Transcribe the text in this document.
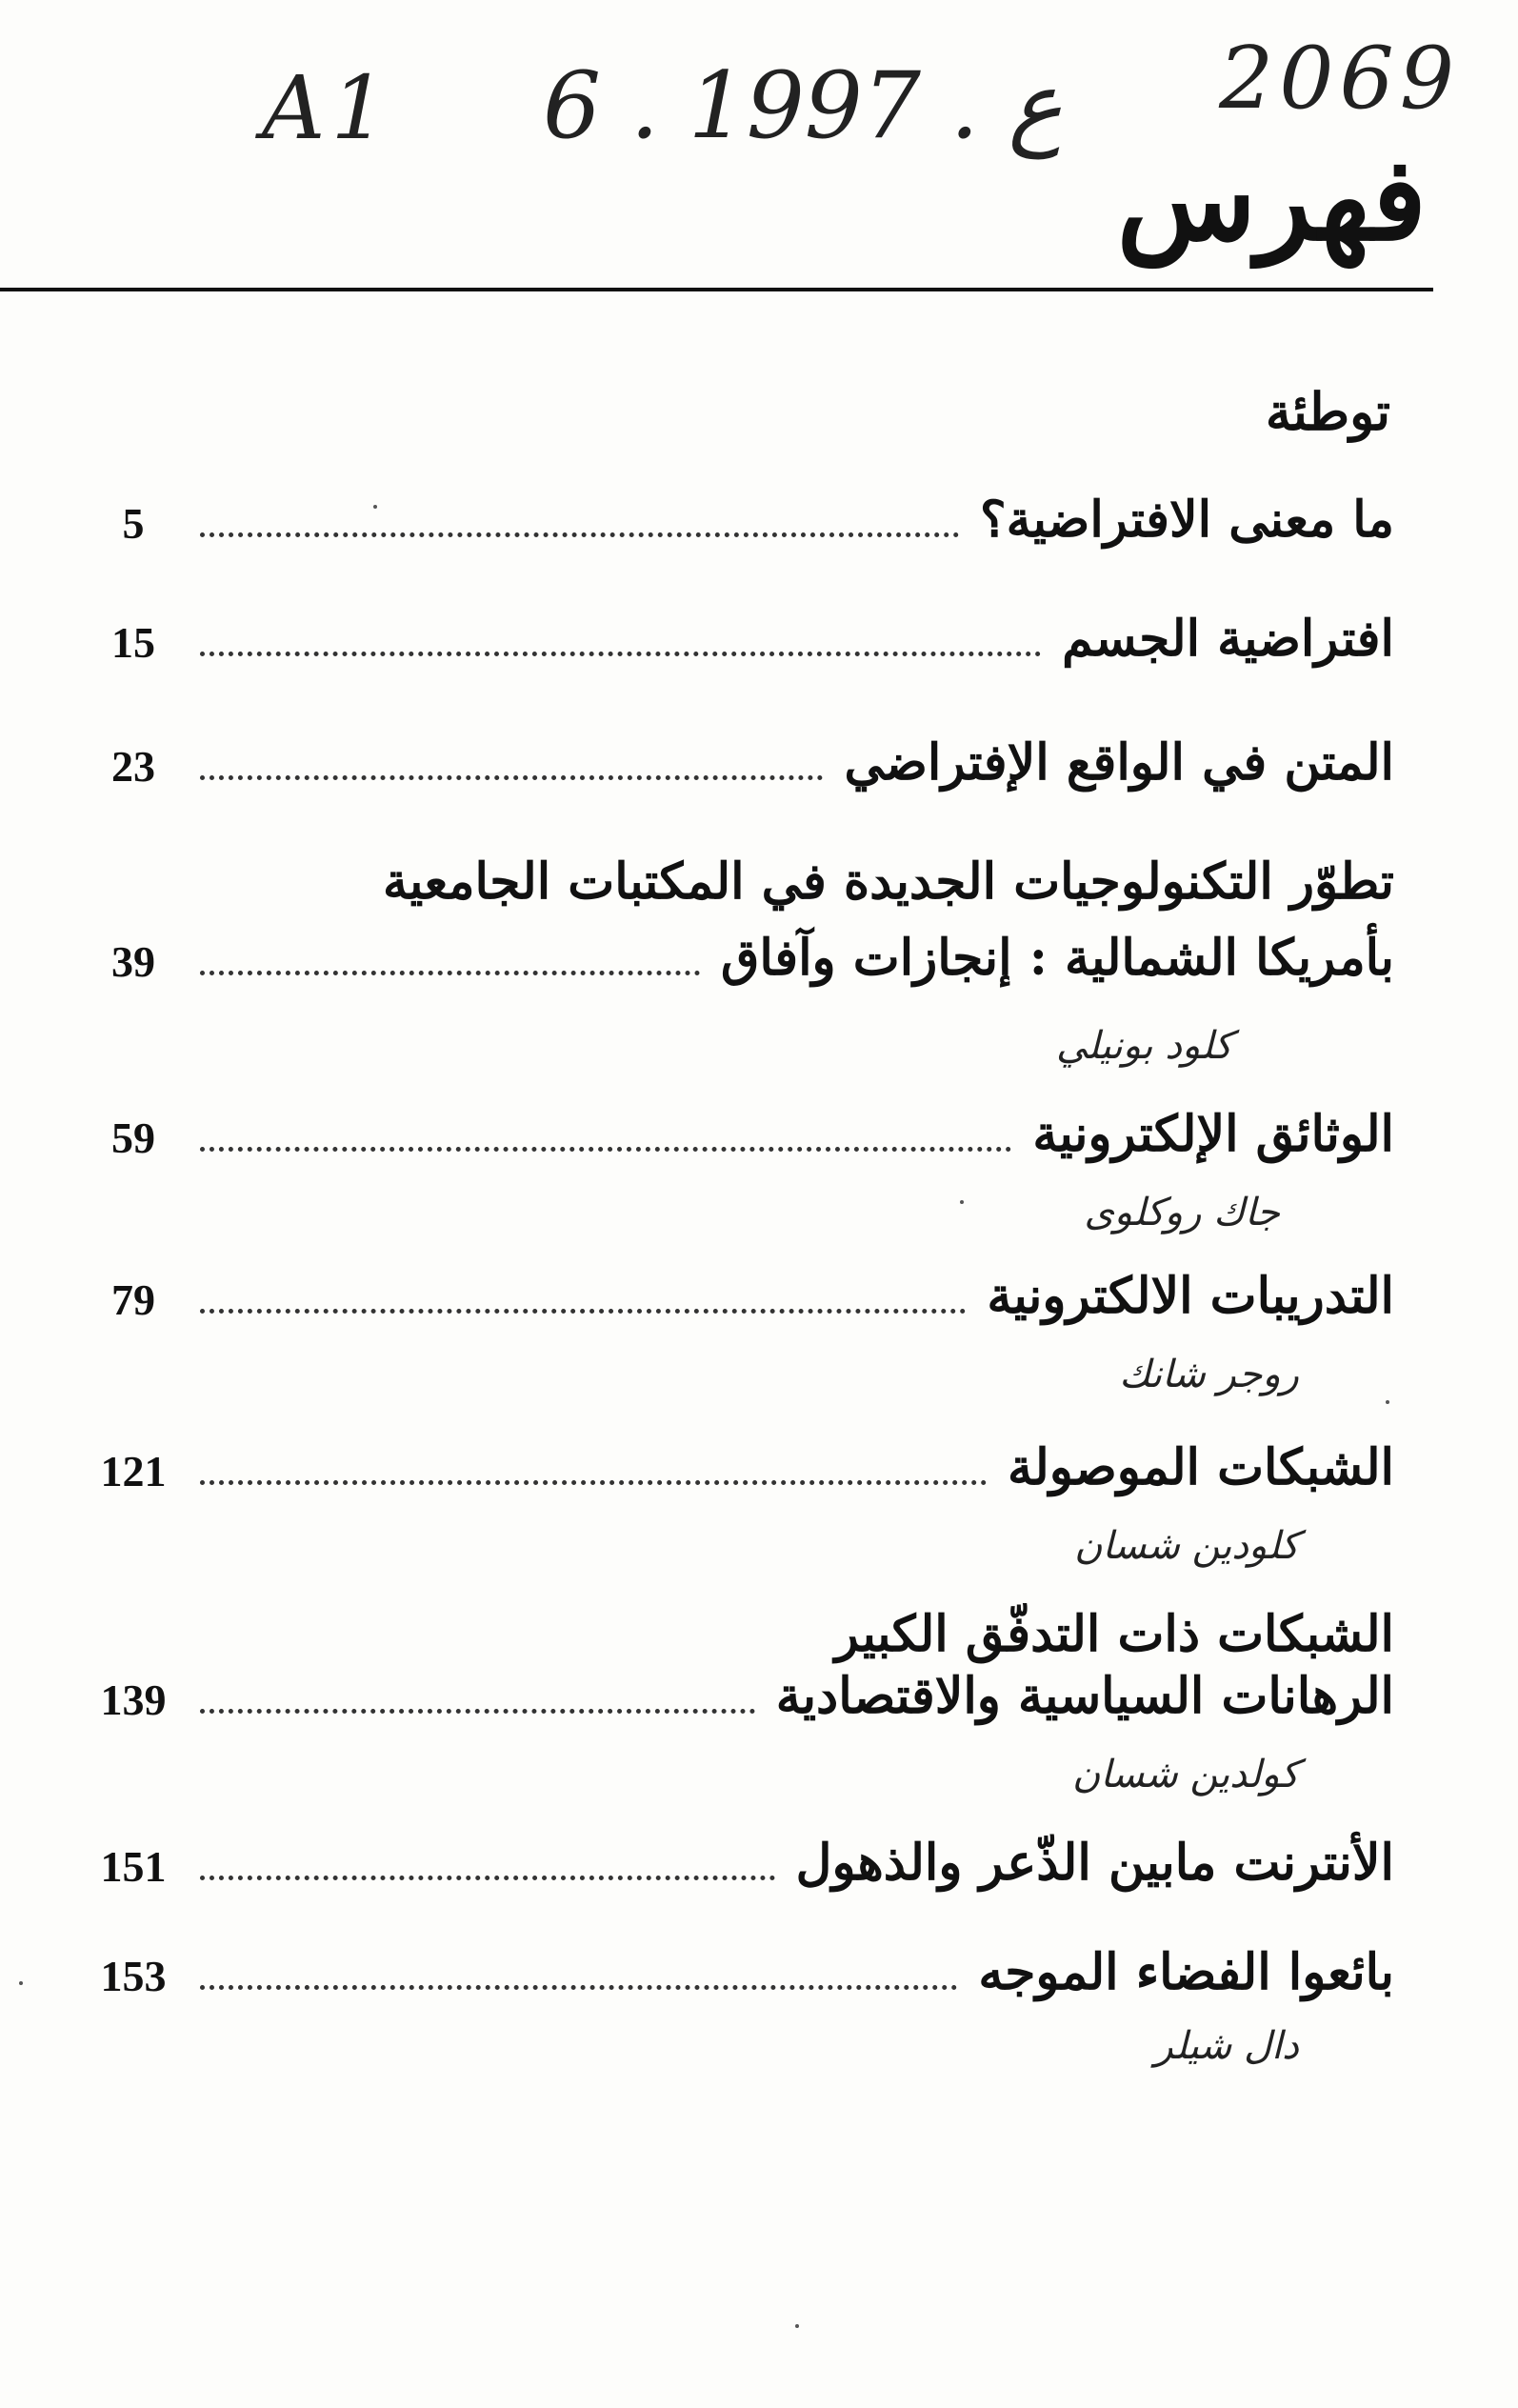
A1 6 . ع . 1997 2069
فهرس
توطئة
ما معنى الافتراضية؟
5
افتراضية الجسم
15
المتن في الواقع الإفتراضي
23
تطوّر التكنولوجيات الجديدة في المكتبات الجامعية
بأمريكا الشمالية : إنجازات وآفاق
39
كلود بونيلي
الوثائق الإلكترونية
59
جاك روكلوى
التدريبات الالكترونية
79
روجر شانك
الشبكات الموصولة
121
كلودين شسان
الشبكات ذات التدفّق الكبير
الرهانات السياسية والاقتصادية
139
كولدين شسان
الأنترنت مابين الذّعر والذهول
151
بائعوا الفضاء الموجه
153
دال شيلر
